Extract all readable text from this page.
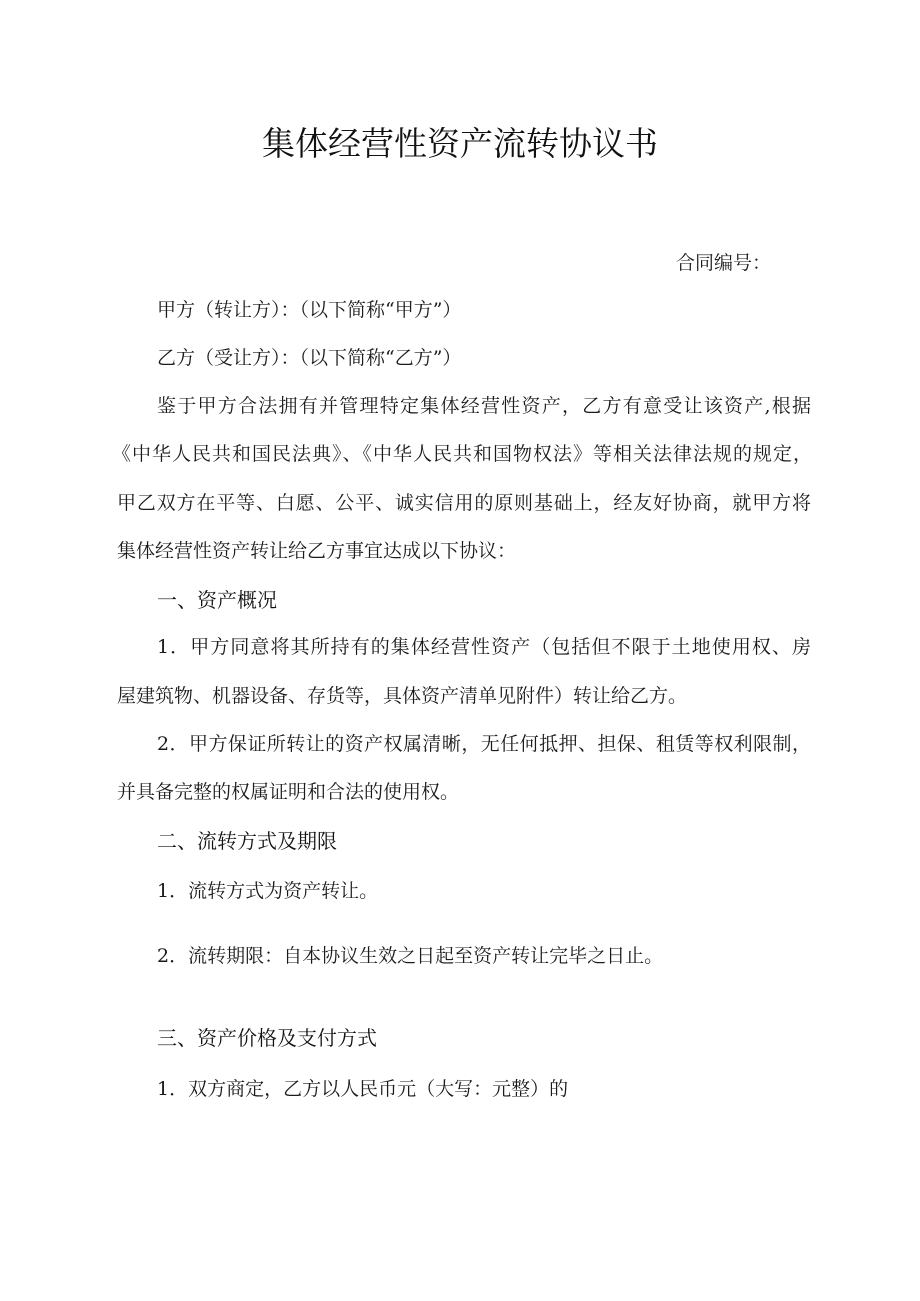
集体经营性资产流转协议书
合同编号：
甲方（转让方）：（以下简称“甲方”）
乙方（受让方）：（以下简称“乙方”）
鉴于甲方合法拥有并管理特定集体经营性资产，乙方有意受让该资产,根据
《中华人民共和国民法典》、《中华人民共和国物权法》等相关法律法规的规定，
甲乙双方在平等、白愿、公平、诚实信用的原则基础上，经友好协商，就甲方将
集体经营性资产转让给乙方事宜达成以下协议：
一、资产概况
1．甲方同意将其所持有的集体经营性资产（包括但不限于土地使用权、房
屋建筑物、机器设备、存货等，具体资产清单见附件）转让给乙方。
2．甲方保证所转让的资产权属清晰，无任何抵押、担保、租赁等权利限制，
并具备完整的权属证明和合法的使用权。
二、流转方式及期限
1．流转方式为资产转让。
2．流转期限：自本协议生效之日起至资产转让完毕之日止。
三、资产价格及支付方式
1．双方商定，乙方以人民币元（大写：元整）的
